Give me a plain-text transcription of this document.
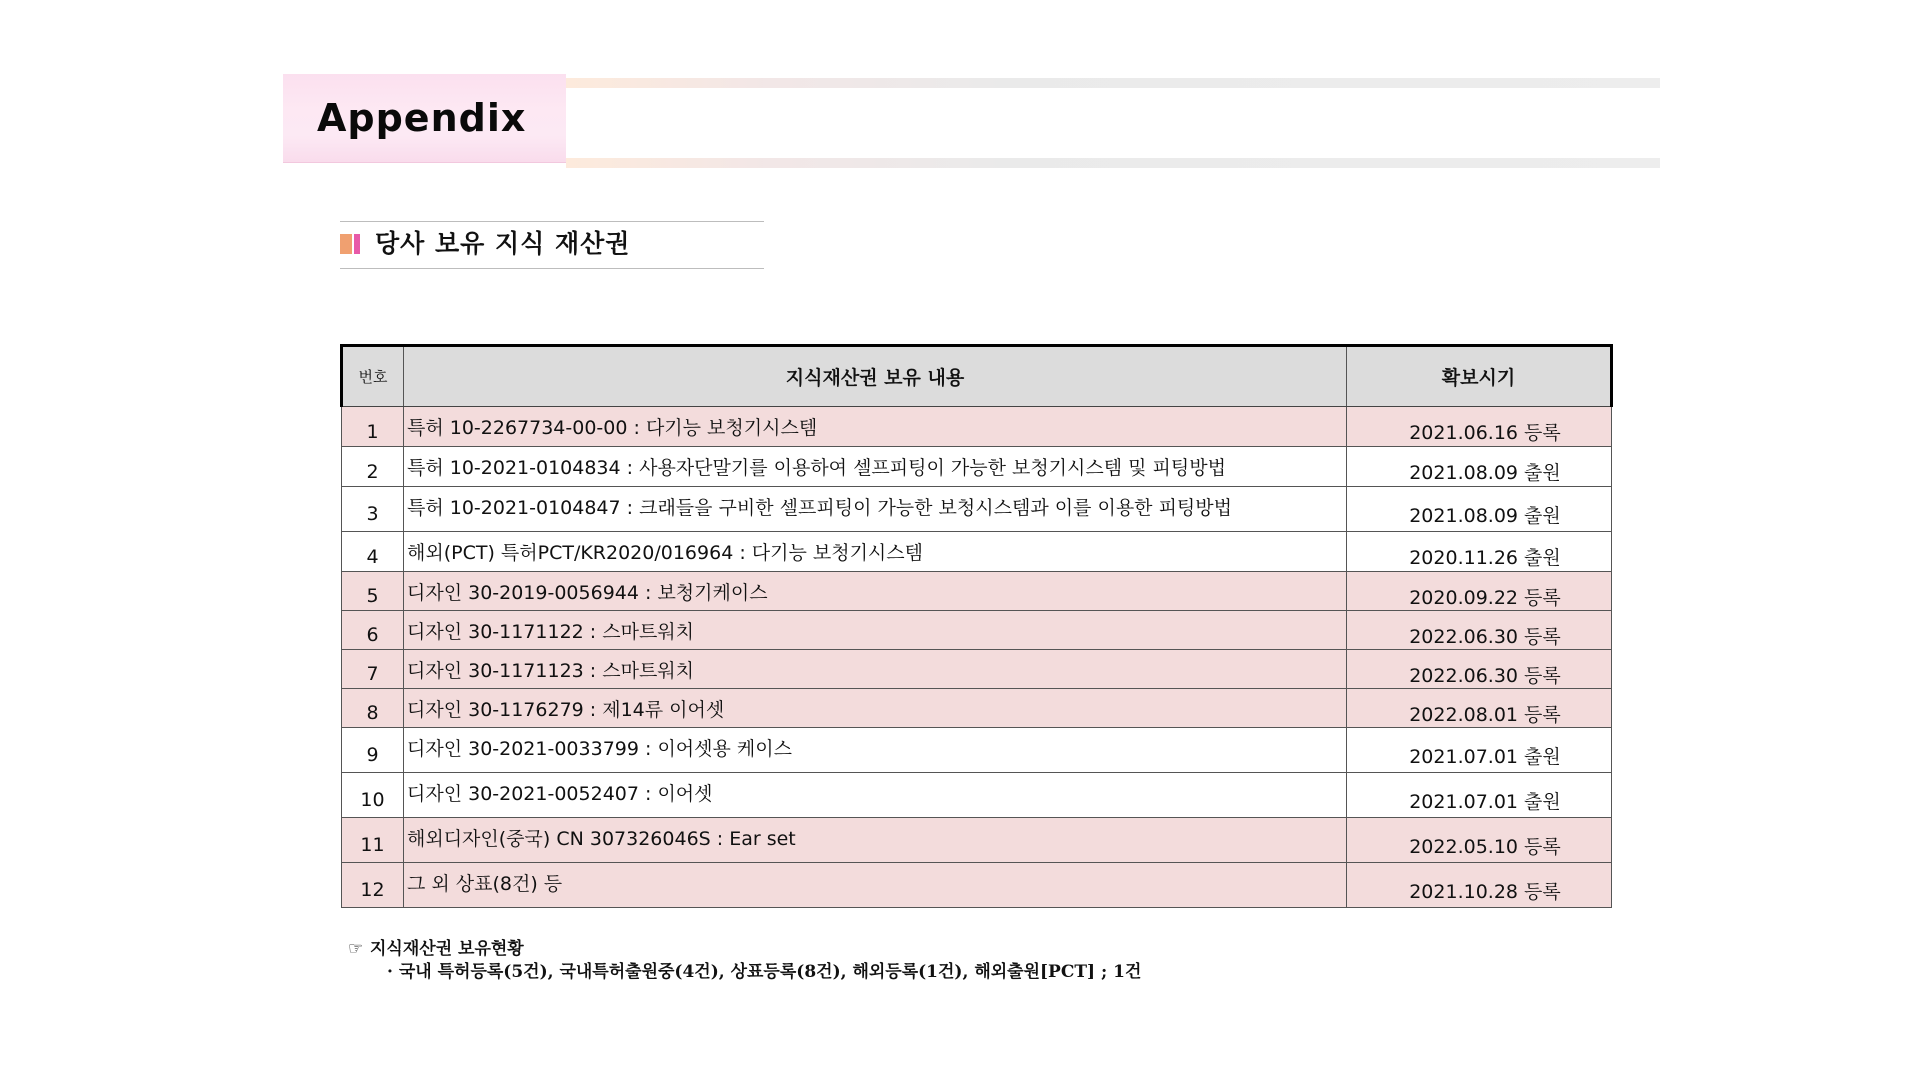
Appendix
당사 보유 지식 재산권
번호	지식재산권 보유 내용	확보시기
1	특허 10-2267734-00-00 : 다기능 보청기시스템	2021.06.16 등록
2	특허 10-2021-0104834 : 사용자단말기를 이용하여 셀프피팅이 가능한 보청기시스템 및 피팅방법	2021.08.09 출원
3	특허 10-2021-0104847 : 크래들을 구비한 셀프피팅이 가능한 보청시스템과 이를 이용한 피팅방법	2021.08.09 출원
4	해외(PCT) 특허PCT/KR2020/016964 : 다기능 보청기시스템	2020.11.26 출원
5	디자인 30-2019-0056944 : 보청기케이스	2020.09.22 등록
6	디자인 30-1171122 : 스마트워치	2022.06.30 등록
7	디자인 30-1171123 : 스마트워치	2022.06.30 등록
8	디자인 30-1176279 : 제14류 이어셋	2022.08.01 등록
9	디자인 30-2021-0033799 : 이어셋용 케이스	2021.07.01 출원
10	디자인 30-2021-0052407 : 이어셋	2021.07.01 출원
11	해외디자인(중국) CN 307326046S : Ear set	2022.05.10 등록
12	그 외 상표(8건) 등	2021.10.28 등록
☞ 지식재산권 보유현황
· 국내 특허등록(5건), 국내특허출원중(4건), 상표등록(8건), 해외등록(1건), 해외출원[PCT] ; 1건
